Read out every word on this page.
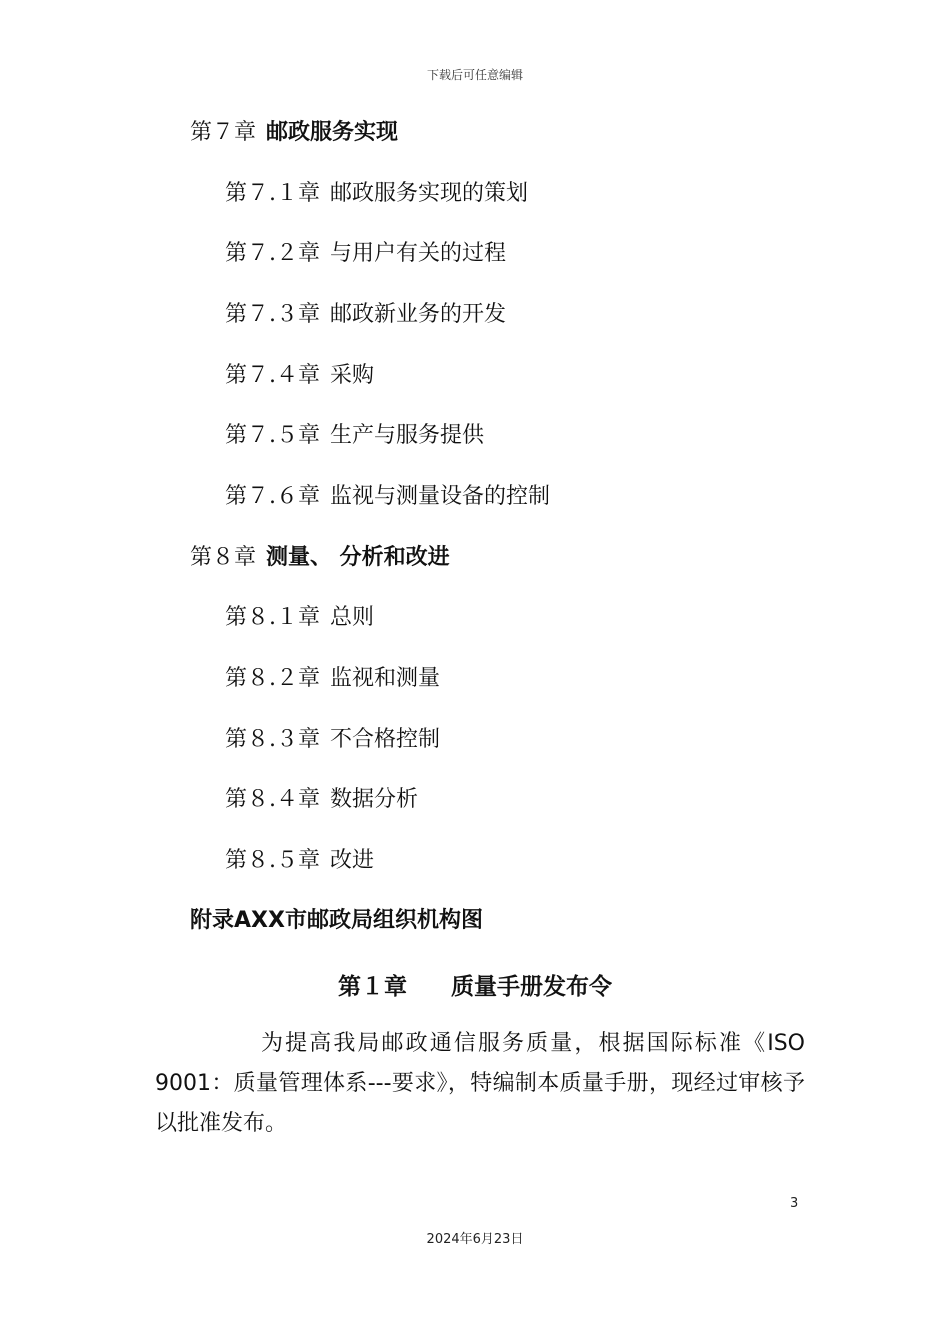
下载后可任意编辑
第７章 邮政服务实现
第７.１章 邮政服务实现的策划
第７.２章 与用户有关的过程
第７.３章 邮政新业务的开发
第７.４章 采购
第７.５章 生产与服务提供
第７.６章 监视与测量设备的控制
第８章 测量、 分析和改进
第８.１章 总则
第８.２章 监视和测量
第８.３章 不合格控制
第８.４章 数据分析
第８.５章 改进
附录AXX市邮政局组织机构图
第１章 质量手册发布令

为提高我局邮政通信服务质量，根据国际标准《ISO 9001：质量管理体系---要求》，特编制本质量手册，现经过审核予以批准发布。

3
2024年6月23日
